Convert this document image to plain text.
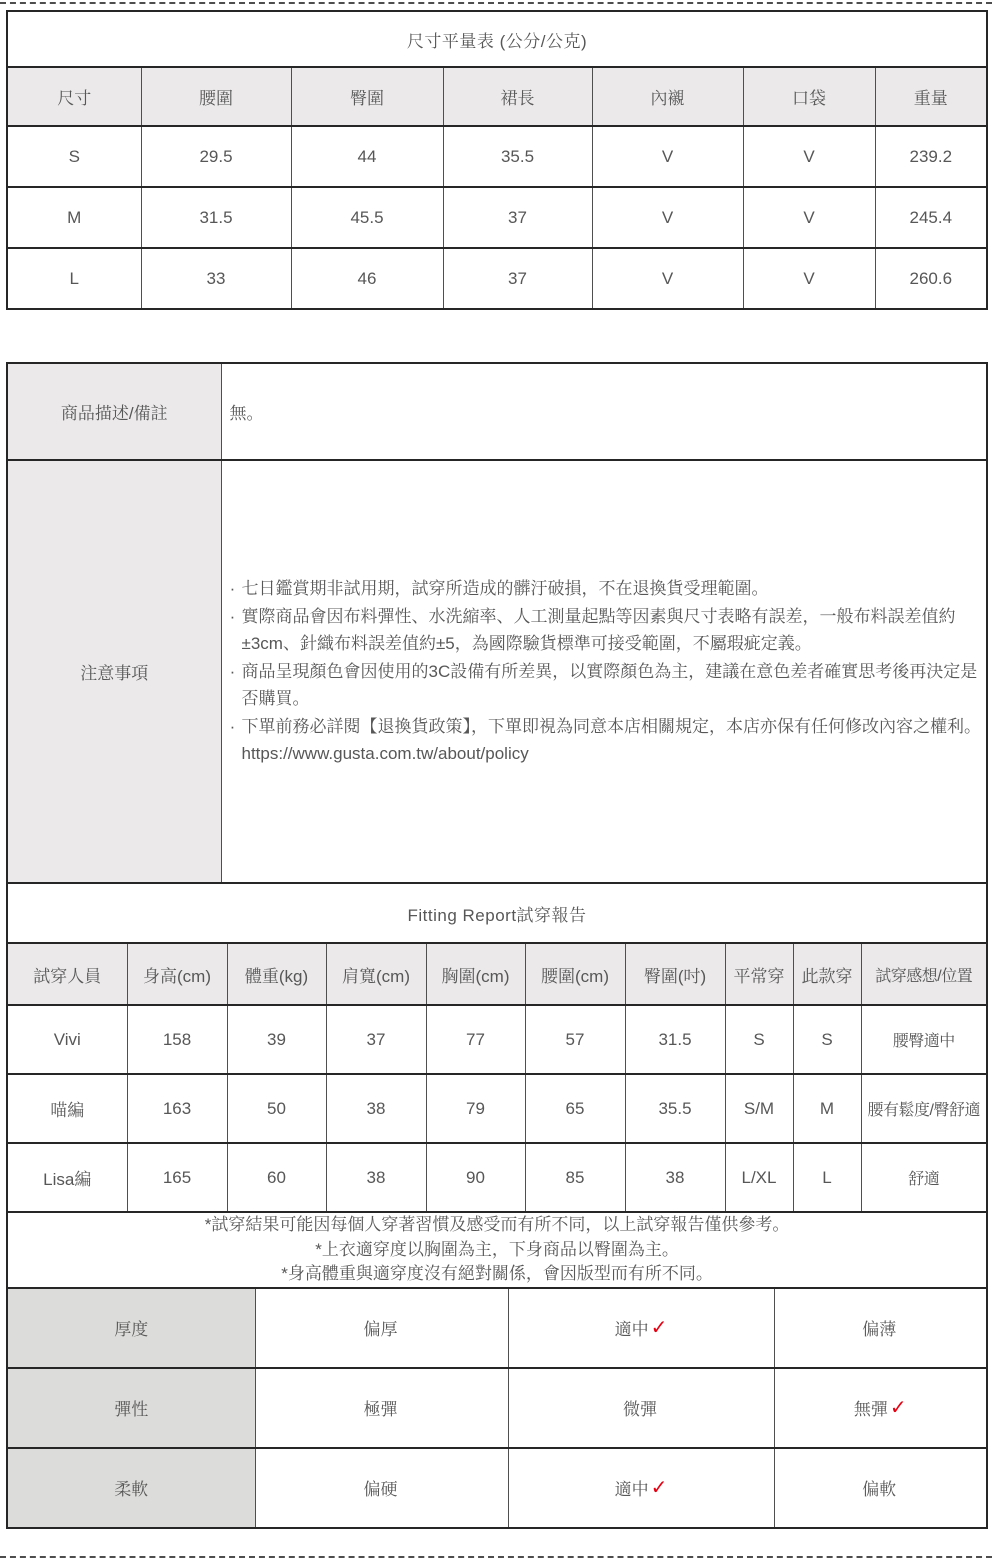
尺寸平量表 (公分/公克)						
尺寸	腰圍	臀圍	裙長	內襯	口袋	重量
S	29.5	44	35.5	V	V	239.2
M	31.5	45.5	37	V	V	245.4
L	33	46	37	V	V	260.6
商品描述/備註	無。
注意事項	
· 七日鑑賞期非試用期，試穿所造成的髒汙破損，不在退換貨受理範圍。
· 實際商品會因布料彈性、水洗縮率、人工測量起點等因素與尺寸表略有誤差，一般布料誤差值約±3cm、針織布料誤差值約±5，為國際驗貨標準可接受範圍，不屬瑕疵定義。
· 商品呈現顏色會因使用的3C設備有所差異，以實際顏色為主，建議在意色差者確實思考後再決定是否購買。
· 下單前務必詳閱【退換貨政策】，下單即視為同意本店相關規定，本店亦保有任何修改內容之權利。https://www.gusta.com.tw/about/policy
Fitting Report試穿報告									
試穿人員	身高(cm)	體重(kg)	肩寬(cm)	胸圍(cm)	腰圍(cm)	臀圍(吋)	平常穿	此款穿	試穿感想/位置
Vivi	158	39	37	77	57	31.5	S	S	腰臀適中
喵編	163	50	38	79	65	35.5	S/M	M	腰有鬆度/臀舒適
Lisa編	165	60	38	90	85	38	L/XL	L	舒適

*試穿結果可能因每個人穿著習慣及感受而有所不同，以上試穿報告僅供參考。
*上衣適穿度以胸圍為主，下身商品以臀圍為主。
*身高體重與適穿度沒有絕對關係，會因版型而有所不同。									
厚度	偏厚	適中 ✓	偏薄
彈性	極彈	微彈	無彈 ✓
柔軟	偏硬	適中 ✓	偏軟
